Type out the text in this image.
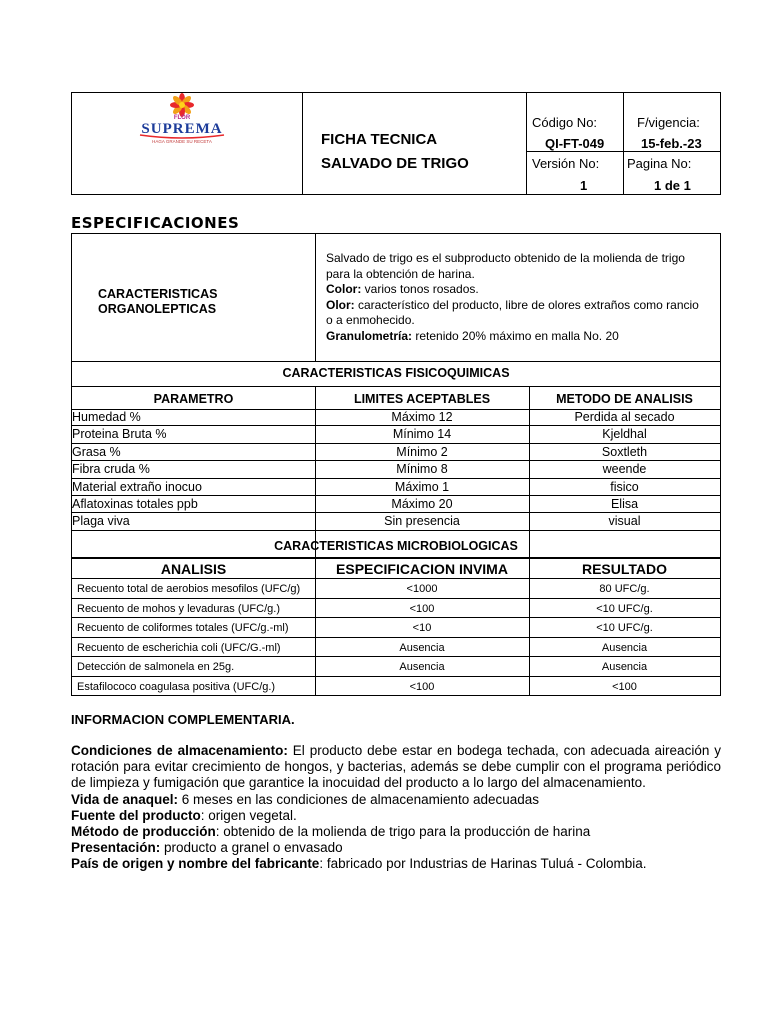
FLOR
SUPREMA
HAGA GRANDE SU RECETA	FICHA TECNICA
SALVADO DE TRIGO
Código No:
QI-FT-049
Versión No:
1
F/vigencia:
15-feb.-23
Pagina No:
1 de 1
ESPECIFICACIONES
CARACTERISTICAS
ORGANOLEPTICAS
Salvado de trigo es el subproducto obtenido de la molienda de trigo para la obtención de harina.
Color: varios tonos rosados.
Olor: característico del producto, libre de olores extraños como rancio o a enmohecido.
Granulometría: retenido 20% máximo en malla No. 20
CARACTERISTICAS FISICOQUIMICAS
PARAMETRO	LIMITES ACEPTABLES	METODO DE ANALISIS
Humedad %	Máximo 12	Perdida al secado
Proteina Bruta %	Mínimo 14	Kjeldhal
Grasa %	Mínimo 2	Soxtleth
Fibra cruda %	Mínimo 8	weende
Material extraño inocuo	Máximo 1	fisico
Aflatoxinas totales ppb	Máximo 20	Elisa
Plaga viva	Sin presencia	visual
CARACTERISTICAS MICROBIOLOGICAS
ANALISIS	ESPECIFICACION INVIMA	RESULTADO
Recuento total de aerobios mesofilos (UFC/g)	<1000	80 UFC/g.
Recuento de mohos y levaduras (UFC/g.)	<100	<10 UFC/g.
Recuento de coliformes totales (UFC/g.-ml)	<10	<10 UFC/g.
Recuento de escherichia coli (UFC/G.-ml)	Ausencia	Ausencia
Detección de salmonela en 25g.	Ausencia	Ausencia
Estafilococo coagulasa positiva (UFC/g.)	<100	<100
INFORMACION COMPLEMENTARIA.

Condiciones de almacenamiento: El producto debe estar en bodega techada, con adecuada aireación y rotación para evitar crecimiento de hongos, y bacterias, además se debe cumplir con el programa periódico de limpieza y fumigación que garantice la inocuidad del producto a lo largo del almacenamiento.

Vida de anaquel: 6 meses en las condiciones de almacenamiento adecuadas

Fuente del producto: origen vegetal.

Método de producción: obtenido de la molienda de trigo para la producción de harina

Presentación: producto a granel o envasado

País de origen y nombre del fabricante: fabricado por Industrias de Harinas Tuluá - Colombia.
